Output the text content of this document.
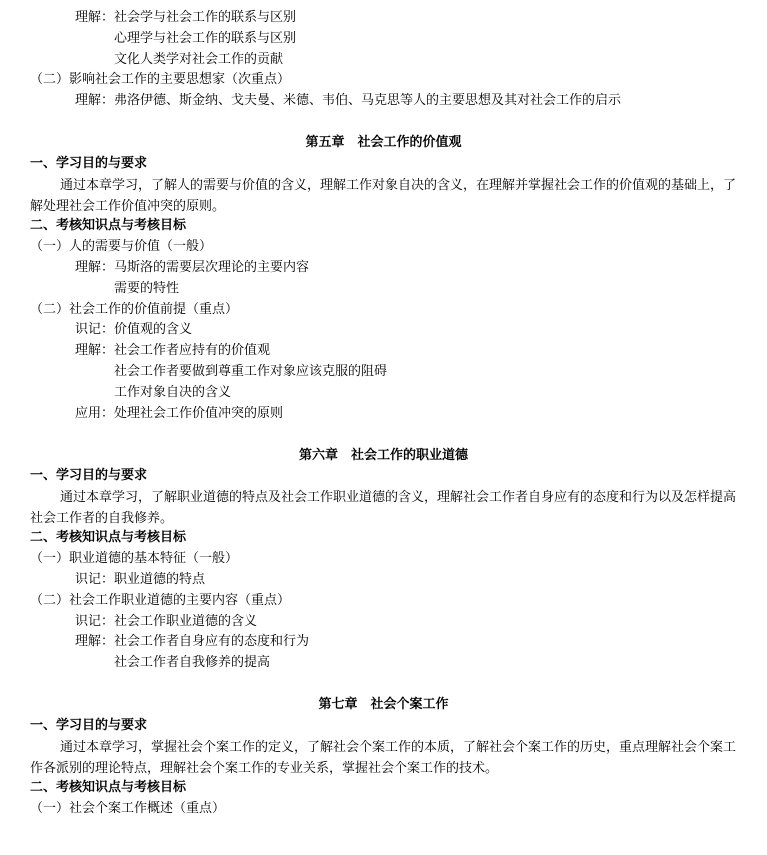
理解：社会学与社会工作的联系与区别
心理学与社会工作的联系与区别
文化人类学对社会工作的贡献
（二）影响社会工作的主要思想家（次重点）
理解：弗洛伊德、斯金纳、戈夫曼、米德、韦伯、马克思等人的主要思想及其对社会工作的启示
第五章　社会工作的价值观
一、学习目的与要求
通过本章学习，了解人的需要与价值的含义，理解工作对象自决的含义，在理解并掌握社会工作的价值观的基础上，了解处理社会工作价值冲突的原则。
二、考核知识点与考核目标
（一）人的需要与价值（一般）
理解：马斯洛的需要层次理论的主要内容
需要的特性
（二）社会工作的价值前提（重点）
识记：价值观的含义
理解：社会工作者应持有的价值观
社会工作者要做到尊重工作对象应该克服的阻碍
工作对象自决的含义
应用：处理社会工作价值冲突的原则
第六章　社会工作的职业道德
一、学习目的与要求
通过本章学习，了解职业道德的特点及社会工作职业道德的含义，理解社会工作者自身应有的态度和行为以及怎样提高社会工作者的自我修养。
二、考核知识点与考核目标
（一）职业道德的基本特征（一般）
识记：职业道德的特点
（二）社会工作职业道德的主要内容（重点）
识记：社会工作职业道德的含义
理解：社会工作者自身应有的态度和行为
社会工作者自我修养的提高
第七章　社会个案工作
一、学习目的与要求
通过本章学习，掌握社会个案工作的定义，了解社会个案工作的本质，了解社会个案工作的历史，重点理解社会个案工作各派别的理论特点，理解社会个案工作的专业关系，掌握社会个案工作的技术。
二、考核知识点与考核目标
（一）社会个案工作概述（重点）
